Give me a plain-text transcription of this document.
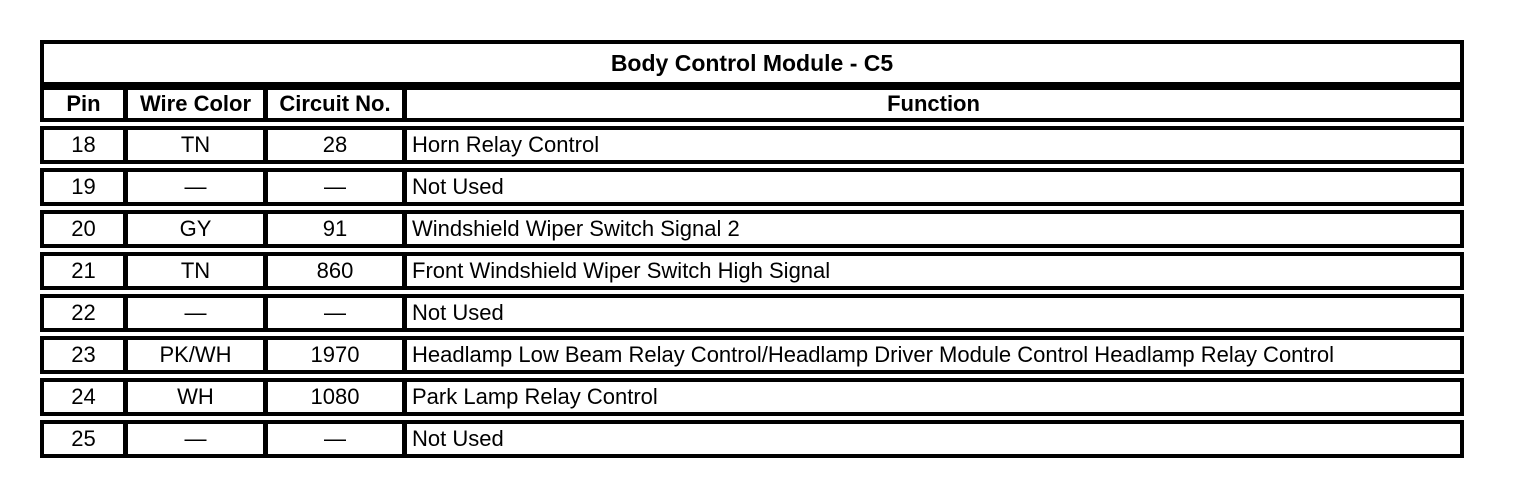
Body Control Module - C5
Pin	Wire Color	Circuit No.	Function
18	TN	28	Horn Relay Control
19	—	—	Not Used
20	GY	91	Windshield Wiper Switch Signal 2
21	TN	860	Front Windshield Wiper Switch High Signal
22	—	—	Not Used
23	PK/WH	1970	Headlamp Low Beam Relay Control/Headlamp Driver Module Control Headlamp Relay Control
24	WH	1080	Park Lamp Relay Control
25	—	—	Not Used
